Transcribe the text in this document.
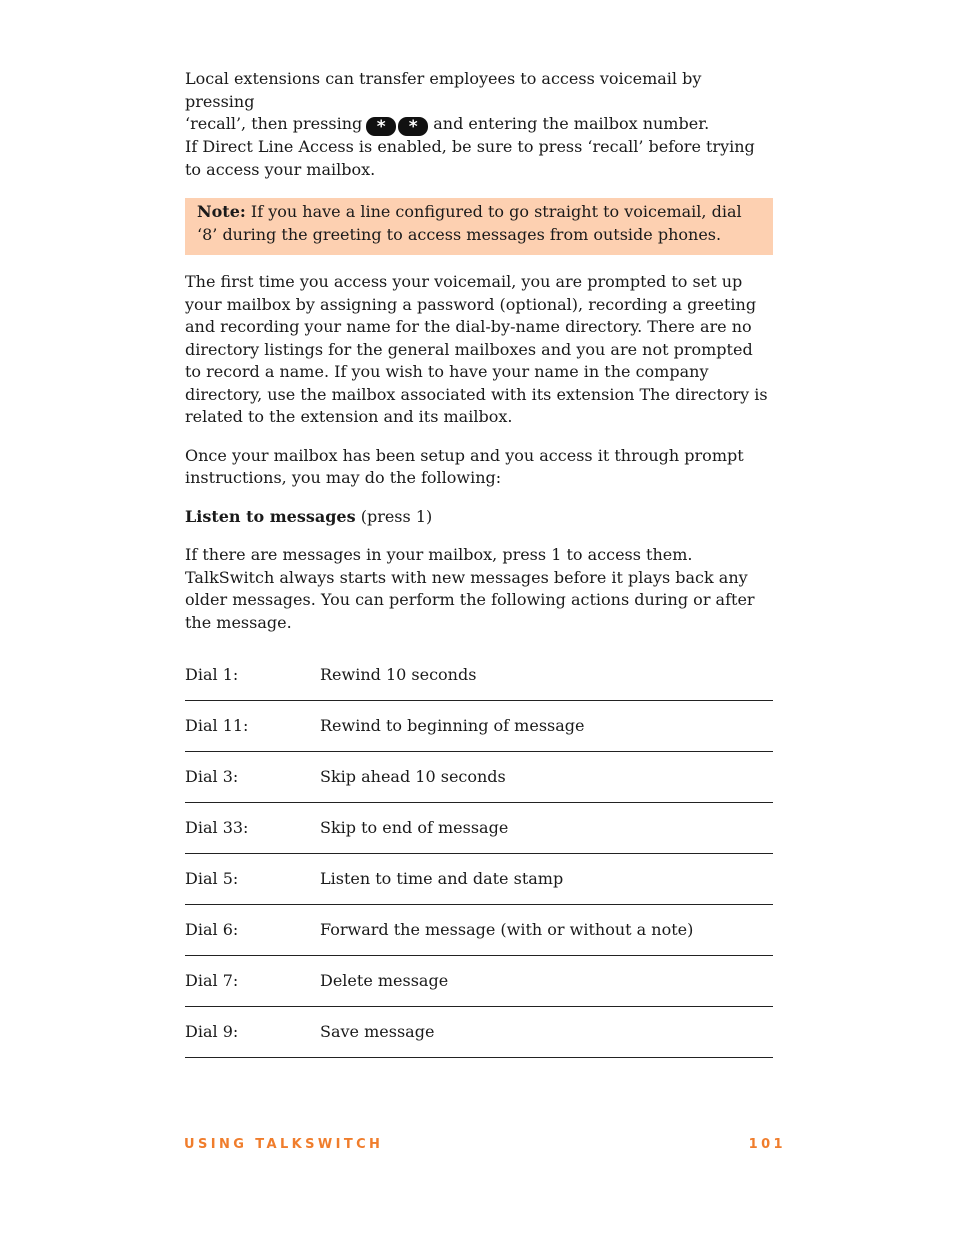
Local extensions can transfer employees to access voicemail by pressing
‘recall’, then pressing * * and entering the mailbox number.
If Direct Line Access is enabled, be sure to press ‘recall’ before trying to access your mailbox.

Note: If you have a line configured to go straight to voicemail, dial ‘8’ during the greeting to access messages from outside phones.

The first time you access your voicemail, you are prompted to set up your mailbox by assigning a password (optional), recording a greeting and recording your name for the dial-by-name directory. There are no directory listings for the general mailboxes and you are not prompted to record a name. If you wish to have your name in the company directory, use the mailbox associated with its extension The directory is related to the extension and its mailbox.

Once your mailbox has been setup and you access it through prompt instructions, you may do the following:

Listen to messages (press 1)

If there are messages in your mailbox, press 1 to access them. TalkSwitch always starts with new messages before it plays back any older messages. You can perform the following actions during or after the message.

Dial 1:	Rewind 10 seconds
Dial 11:	Rewind to beginning of message
Dial 3:	Skip ahead 10 seconds
Dial 33:	Skip to end of message
Dial 5:	Listen to time and date stamp
Dial 6:	Forward the message (with or without a note)
Dial 7:	Delete message
Dial 9:	Save message
USING TALKSWITCH	101
